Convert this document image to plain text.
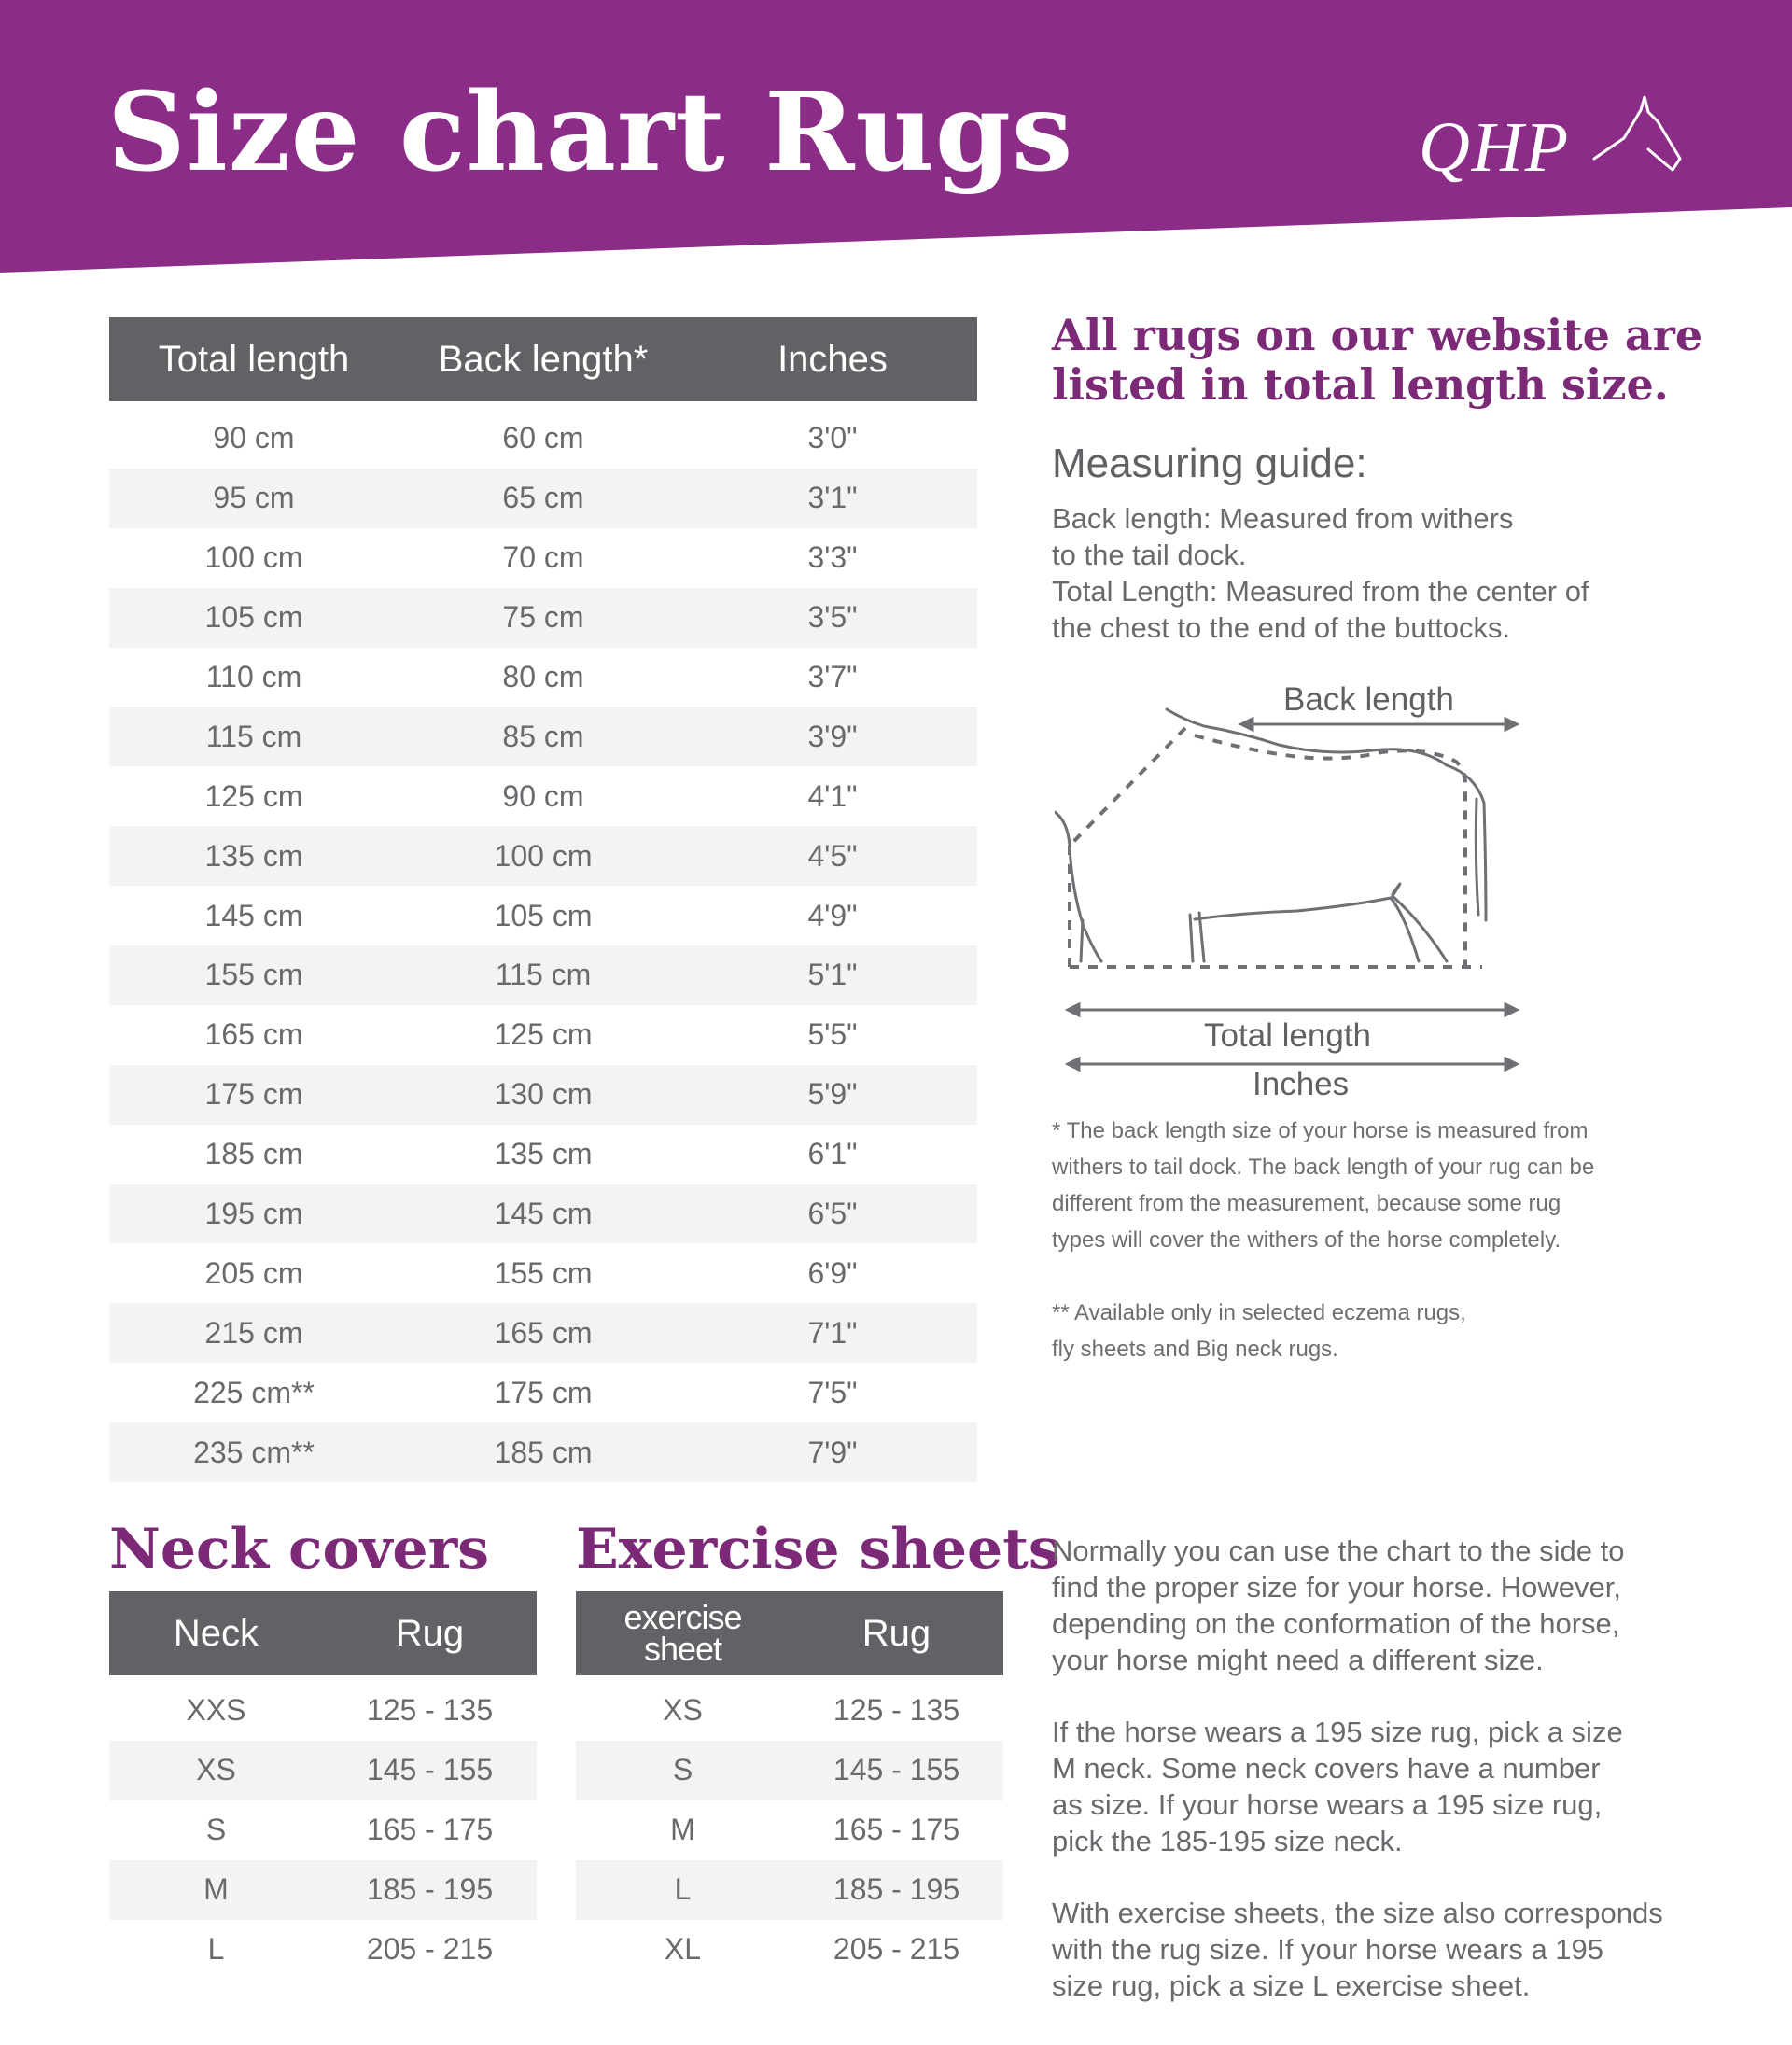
Size chart Rugs	QHP
Total length	Back length*	Inches
90 cm	60 cm	3'0"
95 cm	65 cm	3'1"
100 cm	70 cm	3'3"
105 cm	75 cm	3'5"
110 cm	80 cm	3'7"
115 cm	85 cm	3'9"
125 cm	90 cm	4'1"
135 cm	100 cm	4'5"
145 cm	105 cm	4'9"
155 cm	115 cm	5'1"
165 cm	125 cm	5'5"
175 cm	130 cm	5'9"
185 cm	135 cm	6'1"
195 cm	145 cm	6'5"
205 cm	155 cm	6'9"
215 cm	165 cm	7'1"
225 cm**	175 cm	7'5"
235 cm**	185 cm	7'9"
All rugs on our website are listed in total length size.
Measuring guide:

Back length: Measured from withers

to the tail dock.

Total Length: Measured from the center of

the chest to the end of the buttocks.

Back length
Total length
Inches

* The back length size of your horse is measured from

withers to tail dock. The back length of your rug can be

different from the measurement, because some rug

types will cover the withers of the horse completely.

** Available only in selected eczema rugs,

fly sheets and Big neck rugs.

Neck covers
Neck	Rug
XXS	125 - 135
XS	145 - 155
S	165 - 175
M	185 - 195
L	205 - 215
Exercise sheets
exercise
sheet	Rug
XS	125 - 135
S	145 - 155
M	165 - 175
L	185 - 195
XL	205 - 215

Normally you can use the chart to the side to

find the proper size for your horse. However,

depending on the conformation of the horse,

your horse might need a different size.

If the horse wears a 195 size rug, pick a size

M neck. Some neck covers have a number

as size. If your horse wears a 195 size rug,

pick the 185-195 size neck.

With exercise sheets, the size also corresponds

with the rug size. If your horse wears a 195

size rug, pick a size L exercise sheet.
